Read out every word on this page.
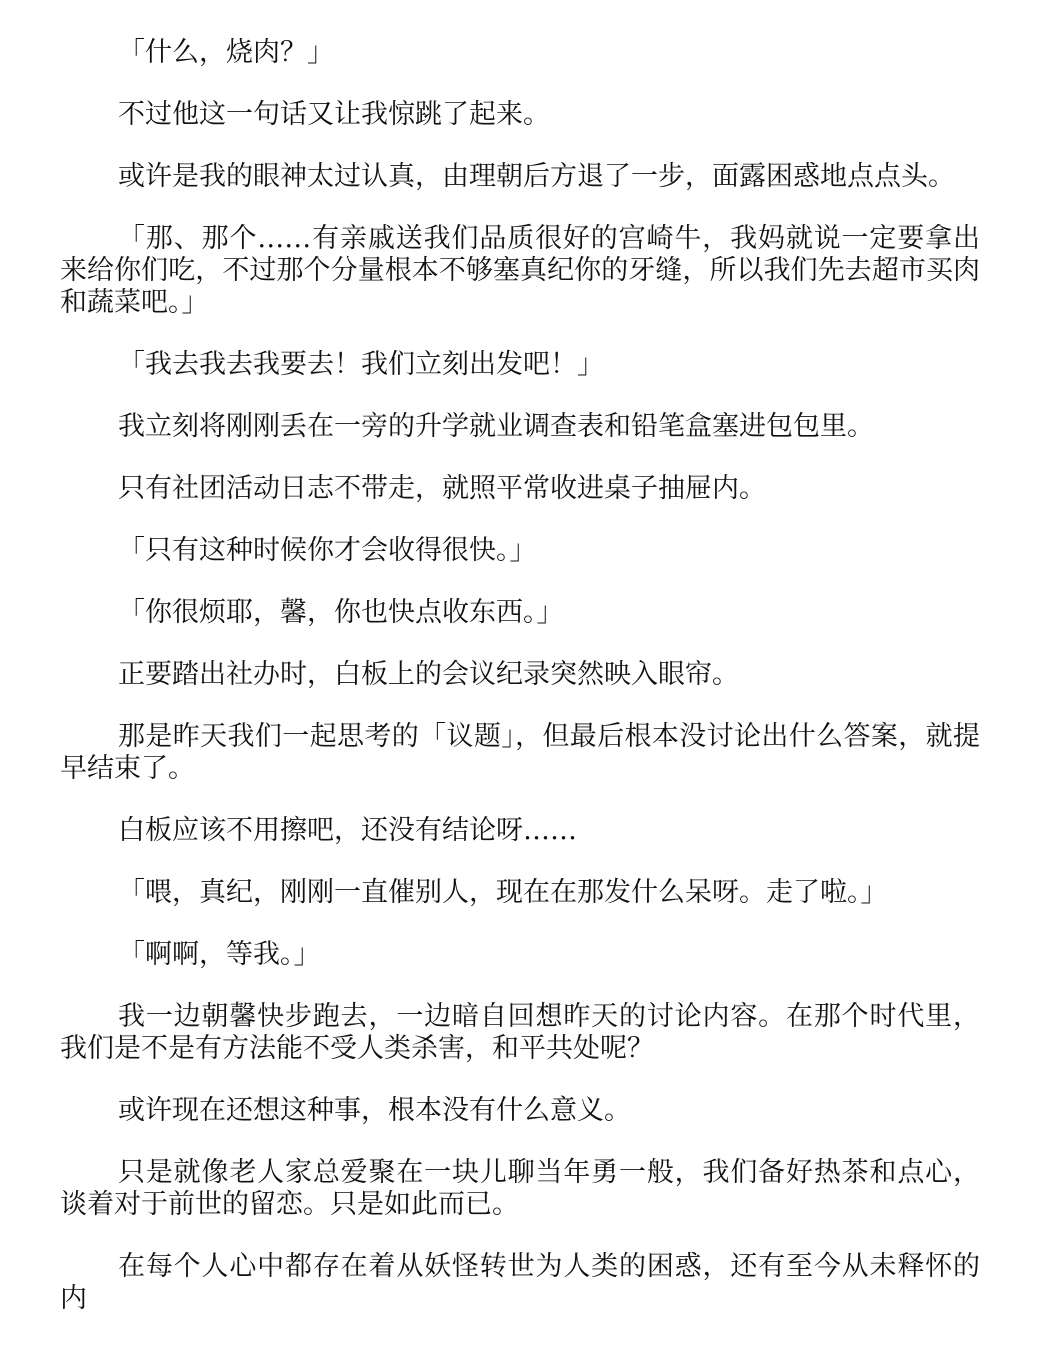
「什么，烧肉？」

不过他这一句话又让我惊跳了起来。

或许是我的眼神太过认真，由理朝后方退了一步，面露困惑地点点头。

「那、那个……有亲戚送我们品质很好的宫崎牛，我妈就说一定要拿出来给你们吃，不过那个分量根本不够塞真纪你的牙缝，所以我们先去超市买肉和蔬菜吧。」

「我去我去我要去！我们立刻出发吧！」

我立刻将刚刚丢在一旁的升学就业调查表和铅笔盒塞进包包里。

只有社团活动日志不带走，就照平常收进桌子抽屉内。

「只有这种时候你才会收得很快。」

「你很烦耶，馨，你也快点收东西。」

正要踏出社办时，白板上的会议纪录突然映入眼帘。

那是昨天我们一起思考的「议题」，但最后根本没讨论出什么答案，就提早结束了。

白板应该不用擦吧，还没有结论呀……

「喂，真纪，刚刚一直催别人，现在在那发什么呆呀。走了啦。」

「啊啊，等我。」

我一边朝馨快步跑去，一边暗自回想昨天的讨论内容。在那个时代里，我们是不是有方法能不受人类杀害，和平共处呢？

或许现在还想这种事，根本没有什么意义。

只是就像老人家总爱聚在一块儿聊当年勇一般，我们备好热茶和点心，谈着对于前世的留恋。只是如此而已。

在每个人心中都存在着从妖怪转世为人类的困惑，还有至今从未释怀的内
